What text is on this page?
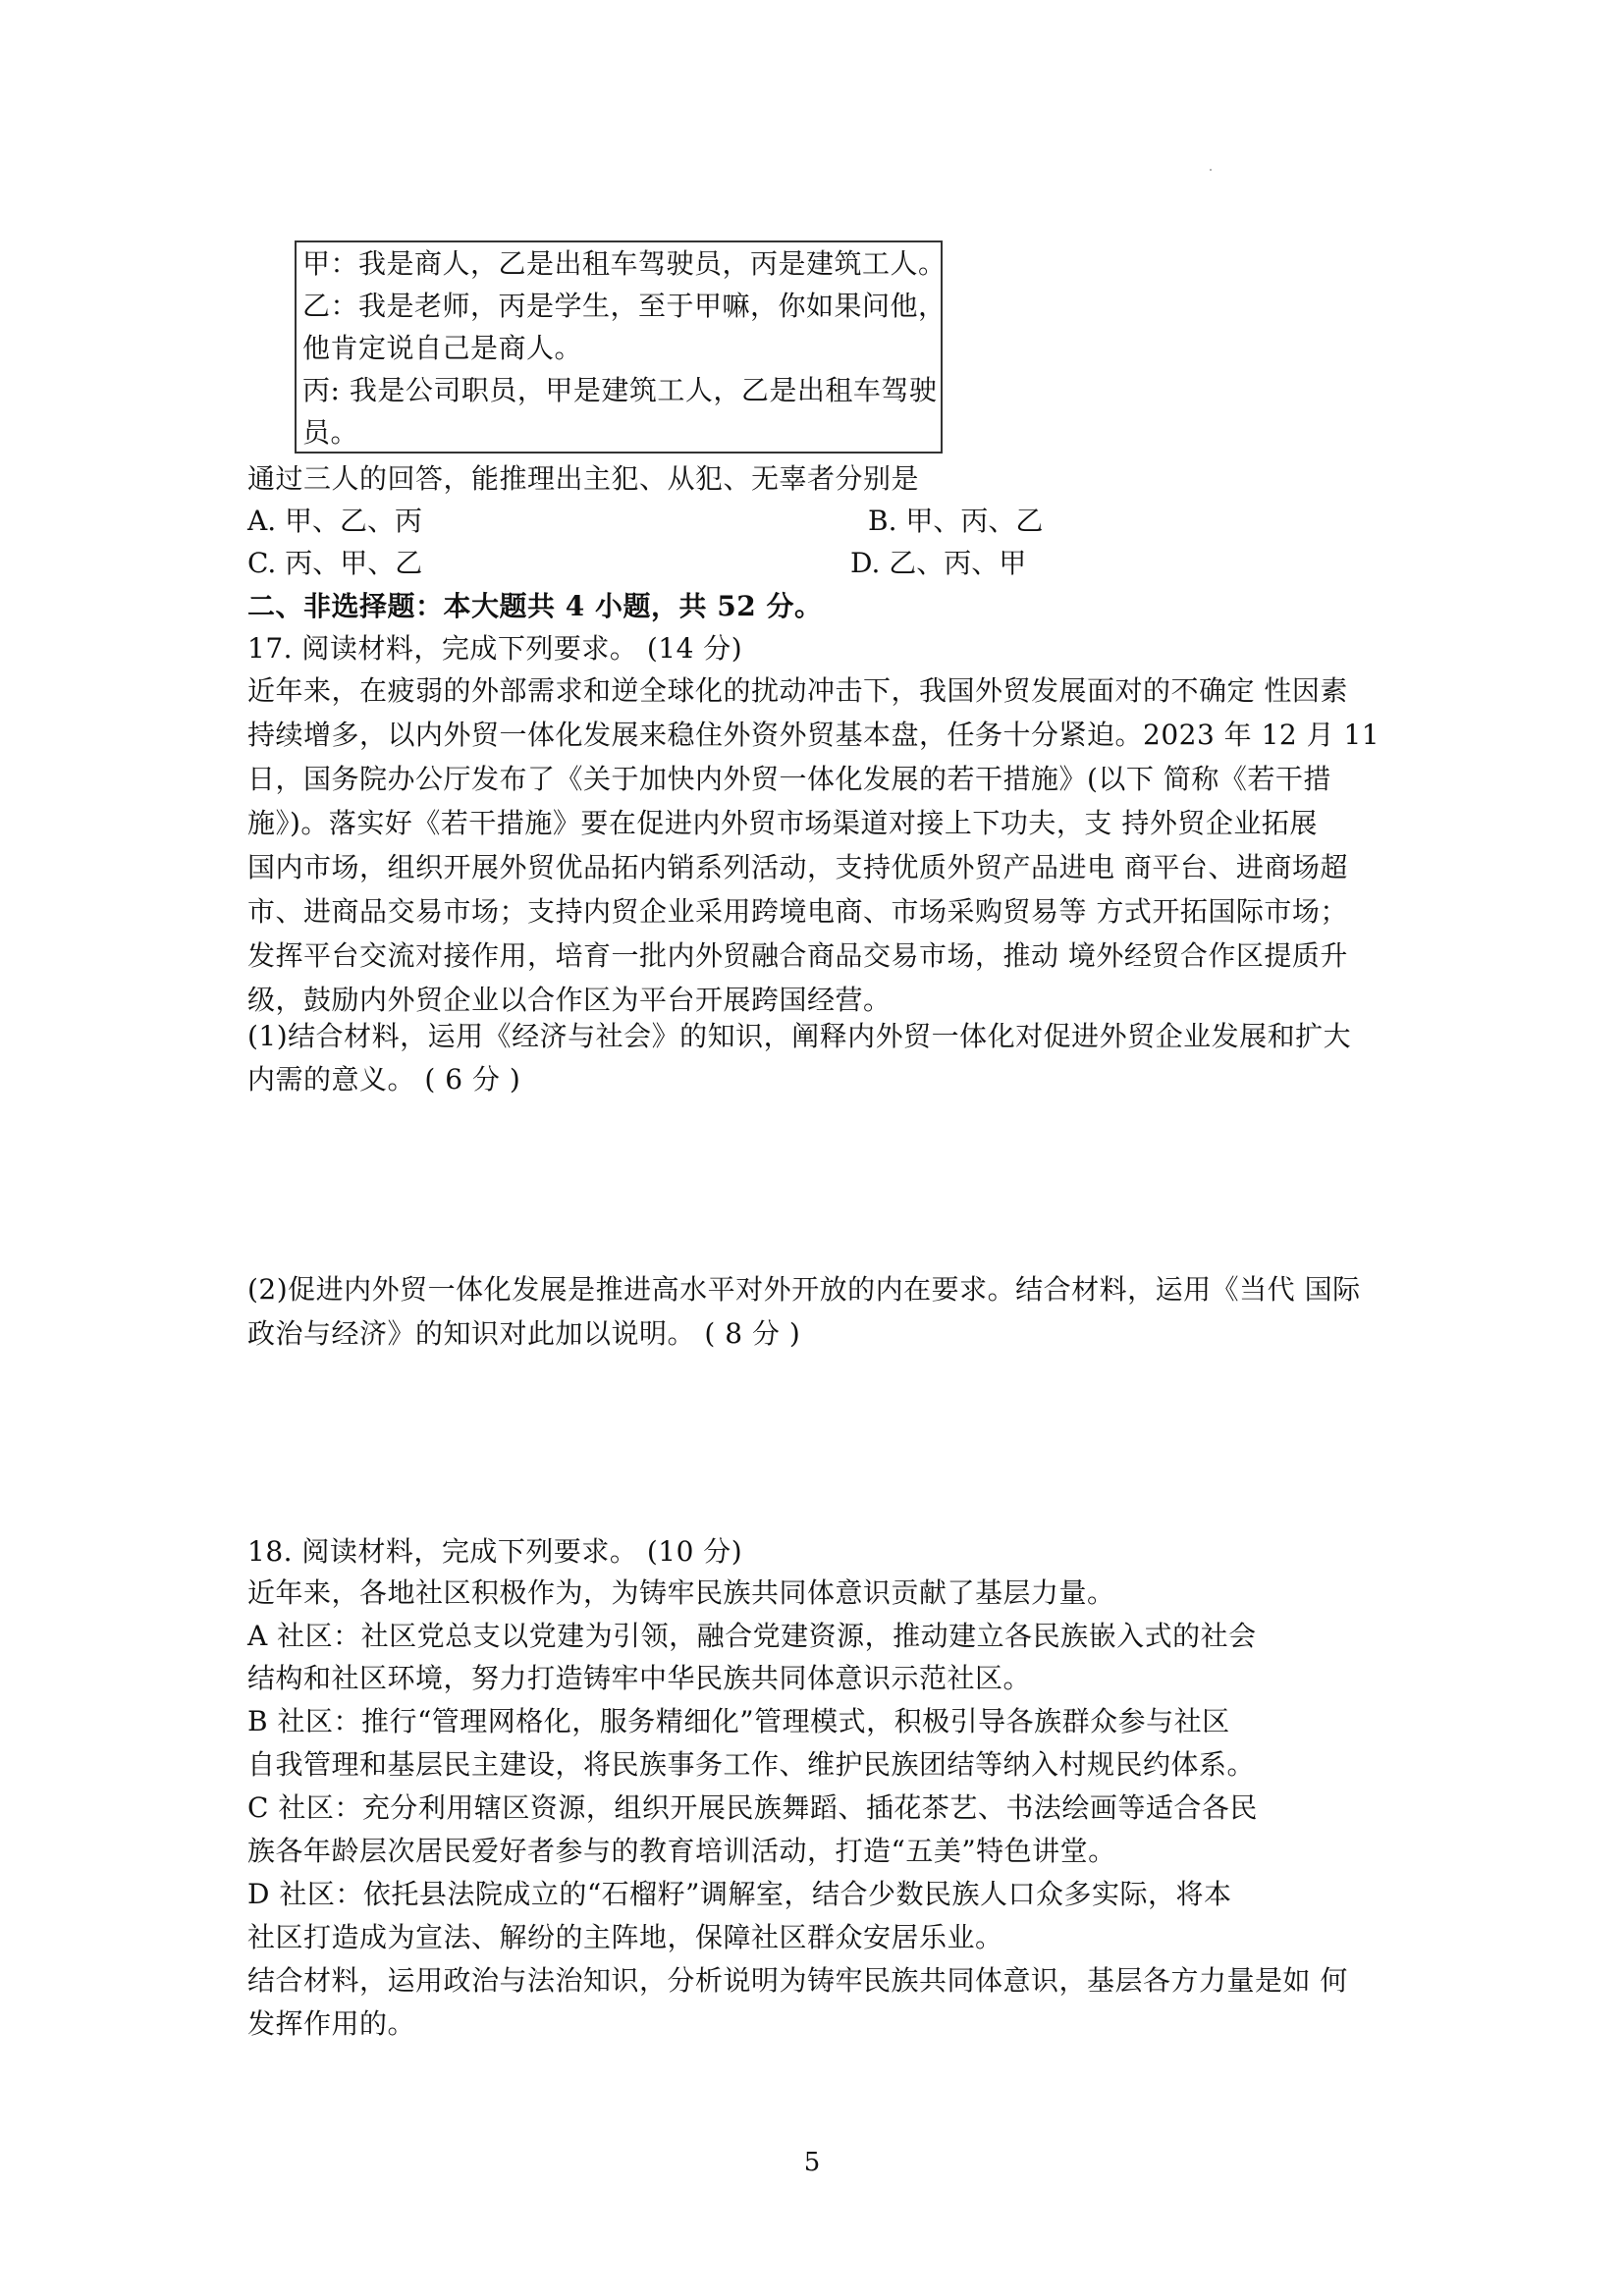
甲：我是商人，乙是出租车驾驶员，丙是建筑工人。
乙：我是老师，丙是学生，至于甲嘛，你如果问他，
他肯定说自己是商人。
丙: 我是公司职员，甲是建筑工人，乙是出租车驾驶
员。
通过三人的回答，能推理出主犯、从犯、无辜者分别是
A. 甲、乙、丙	B. 甲、丙、乙
C. 丙、甲、乙	D. 乙、丙、甲
二、非选择题：本大题共 4 小题，共 52 分。
17. 阅读材料，完成下列要求。 (14 分)
近年来，在疲弱的外部需求和逆全球化的扰动冲击下，我国外贸发展面对的不确定 性因素
持续增多，以内外贸一体化发展来稳住外资外贸基本盘，任务十分紧迫。2023 年 12 月 11
日，国务院办公厅发布了《关于加快内外贸一体化发展的若干措施》(以下 简称《若干措
施》)。落实好《若干措施》要在促进内外贸市场渠道对接上下功夫，支 持外贸企业拓展
国内市场，组织开展外贸优品拓内销系列活动，支持优质外贸产品进电 商平台、进商场超
市、进商品交易市场；支持内贸企业采用跨境电商、市场采购贸易等 方式开拓国际市场；
发挥平台交流对接作用，培育一批内外贸融合商品交易市场，推动 境外经贸合作区提质升
级，鼓励内外贸企业以合作区为平台开展跨国经营。
(1)结合材料，运用《经济与社会》的知识，阐释内外贸一体化对促进外贸企业发展和扩大
内需的意义。 ( 6 分 )
(2)促进内外贸一体化发展是推进高水平对外开放的内在要求。结合材料，运用《当代 国际
政治与经济》的知识对此加以说明。 ( 8 分 )
18. 阅读材料，完成下列要求。 (10 分)
近年来，各地社区积极作为，为铸牢民族共同体意识贡献了基层力量。
A 社区：社区党总支以党建为引领，融合党建资源，推动建立各民族嵌入式的社会
结构和社区环境，努力打造铸牢中华民族共同体意识示范社区。
B 社区：推行“管理网格化，服务精细化”管理模式，积极引导各族群众参与社区
自我管理和基层民主建设，将民族事务工作、维护民族团结等纳入村规民约体系。
C 社区：充分利用辖区资源，组织开展民族舞蹈、插花茶艺、书法绘画等适合各民
族各年龄层次居民爱好者参与的教育培训活动，打造“五美”特色讲堂。
D 社区：依托县法院成立的“石榴籽”调解室，结合少数民族人口众多实际，将本
社区打造成为宣法、解纷的主阵地，保障社区群众安居乐业。
结合材料，运用政治与法治知识，分析说明为铸牢民族共同体意识，基层各方力量是如 何
发挥作用的。
5
